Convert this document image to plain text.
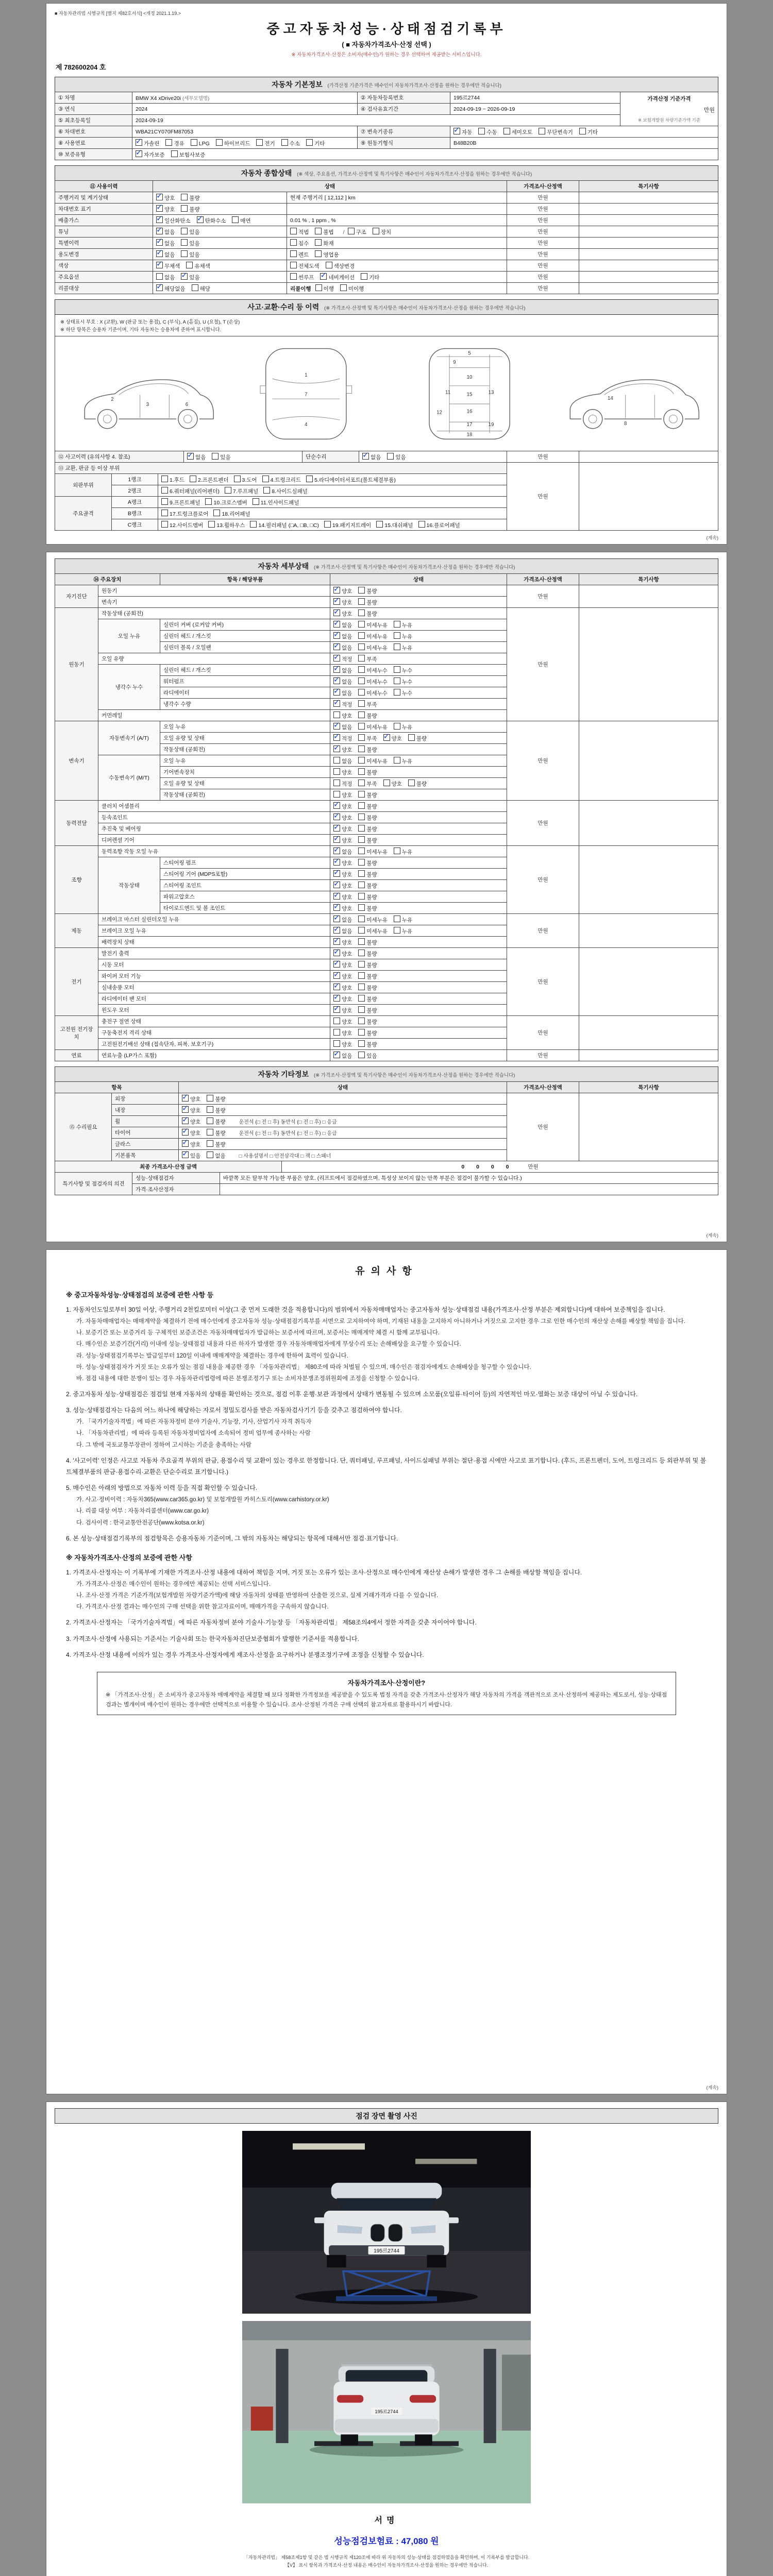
■ 자동차관리법 시행규칙 [별지 제82호서식] <개정 2021.1.19.>
중고자동차성능·상태점검기록부
( ■ 자동차가격조사·산정 선택 )
※ 자동차가격조사·산정은 소비자(매수인)가 원하는 경우 선택하여 제공받는 서비스입니다.
제 782600204 호
자동차 기본정보 (가격산정 기준가격은 매수인이 자동차가격조사·산정을 원하는 경우에만 적습니다)
① 차명	BMW X4 xDrive20i (세부모델명)	② 자동차등록번호	195르2744	가격산정 기준가격
만원
※ 보험개발원 차량기준가액 기준

③ 연식	2024	④ 검사유효기간	2024-09-19 ~ 2026-09-19	
⑤ 최초등록일	2024-09-19			
⑥ 차대번호	WBA21CY070FM87053	⑦ 변속기종류	✓자동 수동 세미오토 무단변속기 기타
⑧ 사용연료	✓가솔린 경유 LPG 하이브리드 전기 수소 기타	⑨ 원동기형식	B48B20B	
⑩ 보증유형	✓자가보증 보험사보증
자동차 종합상태 (※ 색상, 주요옵션, 가격조사·산정액 및 특기사항은 매수인이 자동차가격조사·산정을 원하는 경우에만 적습니다)
⑪ 사용이력	상태		가격조사·산정액	특기사항
주행거리 및 계기상태	✓양호 불량	현재 주행거리 [ 12,112 ] km	만원	
차대번호 표기	✓양호 불량		만원	
배출가스	✓일산화탄소 ✓ 탄화수소 매연	0.01 % , 1 ppm , %	만원	
튜닝	✓없음 있음	적법 불법 / 구조 장치	만원	
특별이력	✓없음 있음	침수 화재	만원	
용도변경	✓없음 있음	렌트 영업용	만원	
색상	✓무채색 유채색	전체도색 색상변경	만원	
주요옵션	없음 ✓ 있음	썬루프 ✓ 네비게이션 기타	만원	
리콜대상	✓해당없음 해당	리콜이행 이행 미이행	만원	
사고·교환·수리 등 이력 (※ 가격조사·산정액 및 특기사항은 매수인이 자동차가격조사·산정을 원하는 경우에만 적습니다)
※ 상태표시 부호 : X (교환), W (판금 또는 용접), C (부식), A (흠집), U (요철), T (손상)
※ 하단 항목은 승용차 기준이며, 기타 자동차는 승용차에 준하여 표시합니다.
1
2
3
4
5
6
7
8
9
10
11
12
13
14
15
16
17
18
19
⑫ 사고이력 (유의사항 4. 참조)	✓없음	있음	단순수리	✓없음	있음	만원	
⑬ 교환, 판금 등 이상 부위			만원	
외판부위	1랭크	1.후드 2.프론트펜더 3.도어 4.트렁크리드 5.라디에이터서포트(볼트체결부품)		
	2랭크	6.쿼터패널(리어펜더) 7.루프패널 8.사이드실패널		
주요골격	A랭크	9.프론트패널 10.크로스멤버 11.인사이드패널		
	B랭크	17.트렁크플로어 18.리어패널		
	C랭크	12.사이드멤버 13.휠하우스 14.필러패널 (□A, □B, □C) 19.패키지트레이 15.대쉬패널 16.플로어패널		
(계속)
자동차 세부상태 (※ 가격조사·산정액 및 특기사항은 매수인이 자동차가격조사·산정을 원하는 경우에만 적습니다)
⑭ 주요장치		항목 / 해당부품	상태	가격조사·산정액	특기사항
자기진단	원동기	✓양호 불량	만원	
	변속기	✓양호 불량
원동기	작동상태 (공회전)	✓양호 불량	만원	
	오일 누유	실린더 커버 (로커암 커버)	✓없음 미세누유 누유
		실린더 헤드 / 개스킷	✓없음 미세누유 누유
		실린더 블록 / 오일팬	✓없음 미세누유 누유
	오일 유량	✓적정 부족
	냉각수 누수	실린더 헤드 / 개스킷	✓없음 미세누수 누수
		워터펌프	✓없음 미세누수 누수
		라디에이터	✓없음 미세누수 누수
		냉각수 수량	✓적정 부족
	커먼레일		양호 불량		
변속기	자동변속기 (A/T)	오일 누유	✓없음 미세누유 누유	만원	
		오일 유량 및 상태	✓적정 부족 ✓ 양호 불량
		작동상태 (공회전)	✓양호 불량
	수동변속기 (M/T)	오일 누유	없음 미세누유 누유		
		기어변속장치	양호 불량		
		오일 유량 및 상태	적정 부족 양호 불량		
		작동상태 (공회전)	양호 불량		
동력전달	클러치 어셈블리	✓양호 불량	만원	
	등속조인트	✓양호 불량
	추진축 및 베어링	✓양호 불량
	디퍼렌셜 기어	✓양호 불량
조향	동력조향 작동 오일 누유	✓없음 미세누유 누유	만원	
	작동상태	스티어링 펌프	✓양호 불량
		스티어링 기어 (MDPS포함)	✓양호 불량
		스티어링 조인트	✓양호 불량
		파워고압호스	✓양호 불량
		타이로드엔드 및 볼 조인트	✓양호 불량
제동	브레이크 마스터 실린더오일 누유	✓없음 미세누유 누유	만원	
	브레이크 오일 누유	✓없음 미세누유 누유
	배력장치 상태	✓양호 불량
전기	발전기 출력	✓양호 불량	만원	
	시동 모터	✓양호 불량
	와이퍼 모터 기능	✓양호 불량
	실내송풍 모터	✓양호 불량
	라디에이터 팬 모터	✓양호 불량
	윈도우 모터	✓양호 불량
고전원 전기장치	충전구 절연 상태		양호 불량	만원	
	구동축전지 격리 상태		양호 불량		
	고전원전기배선 상태 (접속단자, 피복, 보호기구)		양호 불량		
연료	연료누출 (LP가스 포함)	✓없음 있음	만원	
자동차 기타정보 (※ 가격조사·산정액 및 특기사항은 매수인이 자동차가격조사·산정을 원하는 경우에만 적습니다)
항목		상태	가격조사·산정액	특기사항
⑮ 수리필요	외장	✓양호 불량	만원	
	내장	✓양호 불량
	휠	✓양호 불량 운전석 (□ 전 □ 후) 동반석 (□ 전 □ 후) □ 응급
	타이어	✓양호 불량 운전석 (□ 전 □ 후) 동반석 (□ 전 □ 후) □ 응급
	글라스	✓양호 불량
	기본품목	✓있음 없음 □ 사용설명서 □ 안전삼각대 □ 잭 □ 스패너
최종 가격조사·산정 금액	0 0 0 0	만원
특기사항 및 점검자의 의견	성능·상태점검자	바깥쪽 모든 탈부착 가능한 부품은 양호. (리프트에서 점검하였으며, 특성상 보이지 않는 안쪽 부분은 점검이 불가할 수 있습니다.)
	가격·조사산정자	
(계속)
유의사항
※ 중고자동차성능·상태점검의 보증에 관한 사항 등
1. 자동차인도일로부터 30일 이상, 주행거리 2천킬로미터 이상(그 중 먼저 도래한 것을 적용합니다)의 범위에서 자동차매매업자는 중고자동차 성능·상태점검 내용(가격조사·산정 부분은 제외합니다)에 대하여 보증책임을 집니다.
가. 자동차매매업자는 매매계약을 체결하기 전에 매수인에게 중고자동차 성능·상태점검기록부를 서면으로 고지하여야 하며, 기재된 내용을 고지하지 아니하거나 거짓으로 고지한 경우 그로 인한 매수인의 재산상 손해를 배상할 책임을 집니다.
나. 보증기간 또는 보증거리 등 구체적인 보증조건은 자동차매매업자가 발급하는 보증서에 따르며, 보증서는 매매계약 체결 시 함께 교부됩니다.
다. 매수인은 보증기간(거리) 이내에 성능·상태점검 내용과 다른 하자가 발생한 경우 자동차매매업자에게 무상수리 또는 손해배상을 요구할 수 있습니다.
라. 성능·상태점검기록부는 발급일부터 120일 이내에 매매계약을 체결하는 경우에 한하여 효력이 있습니다.
마. 성능·상태점검자가 거짓 또는 오류가 있는 점검 내용을 제공한 경우 「자동차관리법」 제80조에 따라 처벌될 수 있으며, 매수인은 점검자에게도 손해배상을 청구할 수 있습니다.
바. 점검 내용에 대한 분쟁이 있는 경우 자동차관리법령에 따른 분쟁조정기구 또는 소비자분쟁조정위원회에 조정을 신청할 수 있습니다.
2. 중고자동차 성능·상태점검은 점검일 현재 자동차의 상태를 확인하는 것으로, 점검 이후 운행·보관 과정에서 상태가 변동될 수 있으며 소모품(오일류·타이어 등)의 자연적인 마모·열화는 보증 대상이 아닐 수 있습니다.
3. 성능·상태점검자는 다음의 어느 하나에 해당하는 자로서 정밀도검사를 받은 자동차검사기기 등을 갖추고 점검하여야 합니다.
가. 「국가기술자격법」에 따른 자동차정비 분야 기술사, 기능장, 기사, 산업기사 자격 취득자
나. 「자동차관리법」에 따라 등록된 자동차정비업자에 소속되어 정비 업무에 종사하는 사람
다. 그 밖에 국토교통부장관이 정하여 고시하는 기준을 충족하는 사람
4. '사고이력' 인정은 사고로 자동차 주요골격 부위의 판금, 용접수리 및 교환이 있는 경우로 한정합니다. 단, 쿼터패널, 루프패널, 사이드실패널 부위는 절단·용접 시에만 사고로 표기합니다. (후드, 프론트펜더, 도어, 트렁크리드 등 외판부위 및 볼트체결부품의 판금·용접수리·교환은 단순수리로 표기합니다.)
5. 매수인은 아래의 방법으로 자동차 이력 등을 직접 확인할 수 있습니다.
가. 사고·정비이력 : 자동차365(www.car365.go.kr) 및 보험개발원 카히스토리(www.carhistory.or.kr)
나. 리콜 대상 여부 : 자동차리콜센터(www.car.go.kr)
다. 검사이력 : 한국교통안전공단(www.kotsa.or.kr)
6. 본 성능·상태점검기록부의 점검항목은 승용자동차 기준이며, 그 밖의 자동차는 해당되는 항목에 대해서만 점검·표기합니다.
※ 자동차가격조사·산정의 보증에 관한 사항
1. 가격조사·산정자는 이 기록부에 기재한 가격조사·산정 내용에 대하여 책임을 지며, 거짓 또는 오류가 있는 조사·산정으로 매수인에게 재산상 손해가 발생한 경우 그 손해를 배상할 책임을 집니다.
가. 가격조사·산정은 매수인이 원하는 경우에만 제공되는 선택 서비스입니다.
나. 조사·산정 가격은 기준가격(보험개발원 차량기준가액)에 해당 자동차의 상태를 반영하여 산출한 것으로, 실제 거래가격과 다를 수 있습니다.
다. 가격조사·산정 결과는 매수인의 구매 선택을 위한 참고자료이며, 매매가격을 구속하지 않습니다.
2. 가격조사·산정자는 「국가기술자격법」에 따른 자동차정비 분야 기술사·기능장 등 「자동차관리법」 제58조의4에서 정한 자격을 갖춘 자이어야 합니다.
3. 가격조사·산정에 사용되는 기준서는 기술사회 또는 한국자동차진단보증협회가 발행한 기준서를 적용합니다.
4. 가격조사·산정 내용에 이의가 있는 경우 가격조사·산정자에게 재조사·산정을 요구하거나 분쟁조정기구에 조정을 신청할 수 있습니다.
자동차가격조사·산정이란?
※ 「가격조사·산정」은 소비자가 중고자동차 매매계약을 체결할 때 보다 정확한 가격정보를 제공받을 수 있도록 법정 자격을 갖춘 가격조사·산정자가 해당 자동차의 가격을 객관적으로 조사·산정하여 제공하는 제도로서, 성능·상태점검과는 별개이며 매수인이 원하는 경우에만 선택적으로 이용할 수 있습니다. 조사·산정된 가격은 구매 선택의 참고자료로 활용하시기 바랍니다.
(계속)
점검 장면 촬영 사진
195르2744
195르2744
서명
성능점검보험료 : 47,080 원
「자동차관리법」 제58조제1항 및 같은 법 시행규칙 제120조에 따라 위 자동차의 성능·상태를 점검하였음을 확인하며, 이 기록부를 발급합니다.
【V】 표시 항목과 가격조사·산정 내용은 매수인이 자동차가격조사·산정을 원하는 경우에만 적습니다.
